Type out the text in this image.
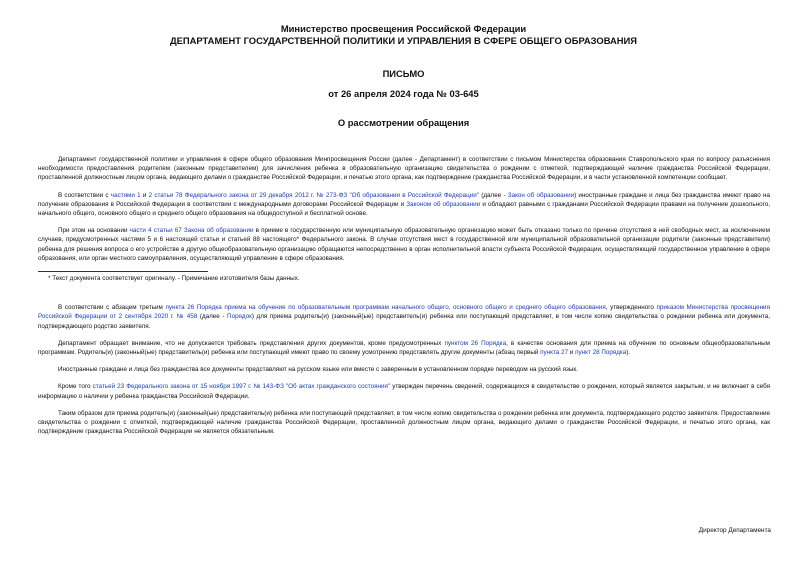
Министерство просвещения Российской Федерации
ДЕПАРТАМЕНТ ГОСУДАРСТВЕННОЙ ПОЛИТИКИ И УПРАВЛЕНИЯ В СФЕРЕ ОБЩЕГО ОБРАЗОВАНИЯ
ПИСЬМО
от 26 апреля 2024 года № 03-645
О рассмотрении обращения

Департамент государственной политики и управления в сфере общего образования Минпросвещения России (далее - Департамент) в соответствии с письмом Министерства образования Ставропольского края по вопросу разъяснения необходимости предоставления родителем (законным представителем) для зачисления ребенка в образовательную организацию свидетельства о рождении с отметкой, подтверждающей наличие гражданства Российской Федерации, проставленной должностным лицом органа, ведающего делами о гражданстве Российской Федерации, и печатью этого органа, как подтверждение гражданства Российской Федерации, и в части установленной компетенции сообщает.

В соответствии с частями 1 и 2 статьи 78 Федерального закона от 29 декабря 2012 г. № 273-ФЗ "Об образовании в Российской Федерации" (далее - Закон об образовании) иностранные граждане и лица без гражданства имеют право на получение образования в Российской Федерации в соответствии с международными договорами Российской Федерации и Законом об образовании и обладают равными с гражданами Российской Федерации правами на получение дошкольного, начального общего, основного общего и среднего общего образования на общедоступной и бесплатной основе.

При этом на основании части 4 статьи 67 Закона об образовании в приеме в государственную или муниципальную образовательную организацию может быть отказано только по причине отсутствия в ней свободных мест, за исключением случаев, предусмотренных частями 5 и 6 настоящей статьи и статьей 88 настоящего* Федерального закона. В случае отсутствия мест в государственной или муниципальной образовательной организации родители (законные представители) ребенка для решения вопроса о его устройстве в другую общеобразовательную организацию обращаются непосредственно в орган исполнительной власти субъекта Российской Федерации, осуществляющий государственное управление в сфере образования, или орган местного самоуправления, осуществляющий управление в сфере образования.

* Текст документа соответствует оригиналу. - Примечание изготовителя базы данных.

В соответствии с абзацем третьим пункта 26 Порядка приема на обучение по образовательным программам начального общего, основного общего и среднего общего образования, утвержденного приказом Министерства просвещения Российской Федерации от 2 сентября 2020 г. № 458 (далее - Порядок) для приема родитель(и) (законный(ые) представитель(и) ребенка или поступающий представляет, в том числе копию свидетельства о рождении ребенка или документа, подтверждающего родство заявителя.

Департамент обращает внимание, что не допускается требовать представления других документов, кроме предусмотренных пунктом 26 Порядка, в качестве основания для приема на обучение по основным общеобразовательным программам. Родитель(и) (законный(ые) представитель(и) ребенка или поступающий имеют право по своему усмотрению представлять другие документы (абзац первый пункта 27 и пункт 28 Порядка).

Иностранные граждане и лица без гражданства все документы представляют на русском языке или вместе с заверенным в установленном порядке переводом на русский язык.

Кроме того статьей 23 Федерального закона от 15 ноября 1997 г. № 143-ФЗ "Об актах гражданского состояния" утвержден перечень сведений, содержащихся в свидетельстве о рождении, который является закрытым, и не включает в себя информацию о наличии у ребенка гражданства Российской Федерации.

Таким образом для приема родитель(и) (законный(ые) представитель(и) ребенка или поступающий представляет, в том числе копию свидетельства о рождении ребенка или документа, подтверждающего родство заявителя. Предоставление свидетельства о рождении с отметкой, подтверждающей наличие гражданства Российской Федерации, проставленной должностным лицом органа, ведающего делами о гражданстве Российской Федерации, и печатью этого органа, как подтверждение гражданства Российской Федерации не является обязательным.

Директор Департамента
